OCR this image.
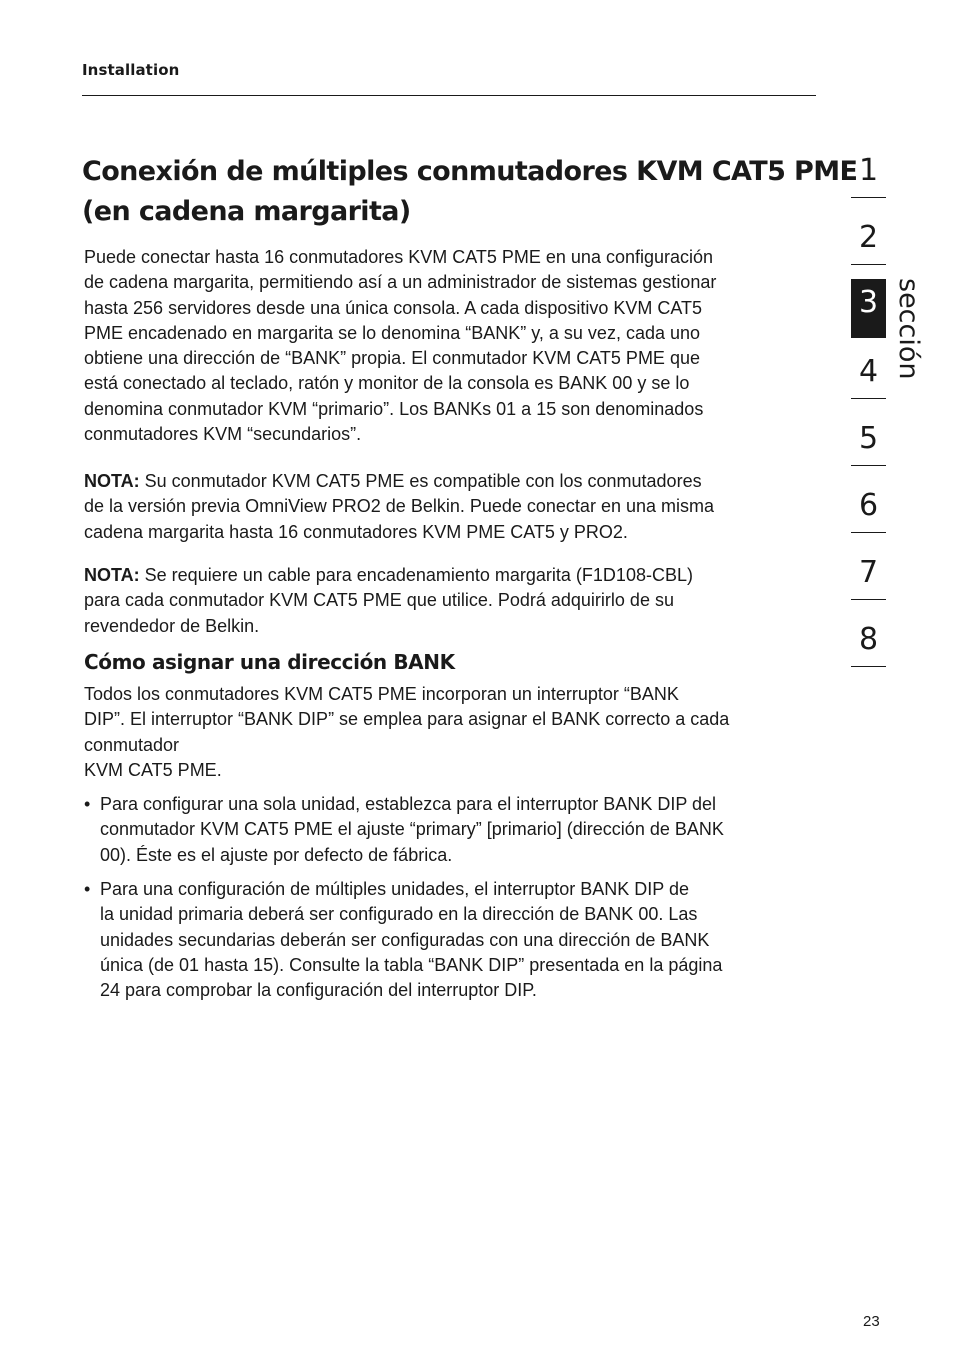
Installation
Conexión de múltiples conmutadores KVM CAT5 PME
(en cadena margarita)

Puede conectar hasta 16 conmutadores KVM CAT5 PME en una configuración
de cadena margarita, permitiendo así a un administrador de sistemas gestionar
hasta 256 servidores desde una única consola. A cada dispositivo KVM CAT5
PME encadenado en margarita se lo denomina “BANK” y, a su vez, cada uno
obtiene una dirección de “BANK” propia. El conmutador KVM CAT5 PME que
está conectado al teclado, ratón y monitor de la consola es BANK 00 y se lo
denomina conmutador KVM “primario”. Los BANKs 01 a 15 son denominados
conmutadores KVM “secundarios”.

NOTA: Su conmutador KVM CAT5 PME es compatible con los conmutadores
de la versión previa OmniView PRO2 de Belkin. Puede conectar en una misma
cadena margarita hasta 16 conmutadores KVM PME CAT5 y PRO2.

NOTA: Se requiere un cable para encadenamiento margarita (F1D108-CBL)
para cada conmutador KVM CAT5 PME que utilice. Podrá adquirirlo de su
revendedor de Belkin.

Cómo asignar una dirección BANK

Todos los conmutadores KVM CAT5 PME incorporan un interruptor “BANK
DIP”. El interruptor “BANK DIP” se emplea para asignar el BANK correcto a cada
conmutador
KVM CAT5 PME.

• Para configurar una sola unidad, establezca para el interruptor BANK DIP del
conmutador KVM CAT5 PME el ajuste “primary” [primario] (dirección de BANK
00). Éste es el ajuste por defecto de fábrica.
• Para una configuración de múltiples unidades, el interruptor BANK DIP de
la unidad primaria deberá ser configurado en la dirección de BANK 00. Las
unidades secundarias deberán ser configuradas con una dirección de BANK
única (de 01 hasta 15). Consulte la tabla “BANK DIP” presentada en la página
24 para comprobar la configuración del interruptor DIP.
1
2
3
4
5
6
7
8
sección
23
